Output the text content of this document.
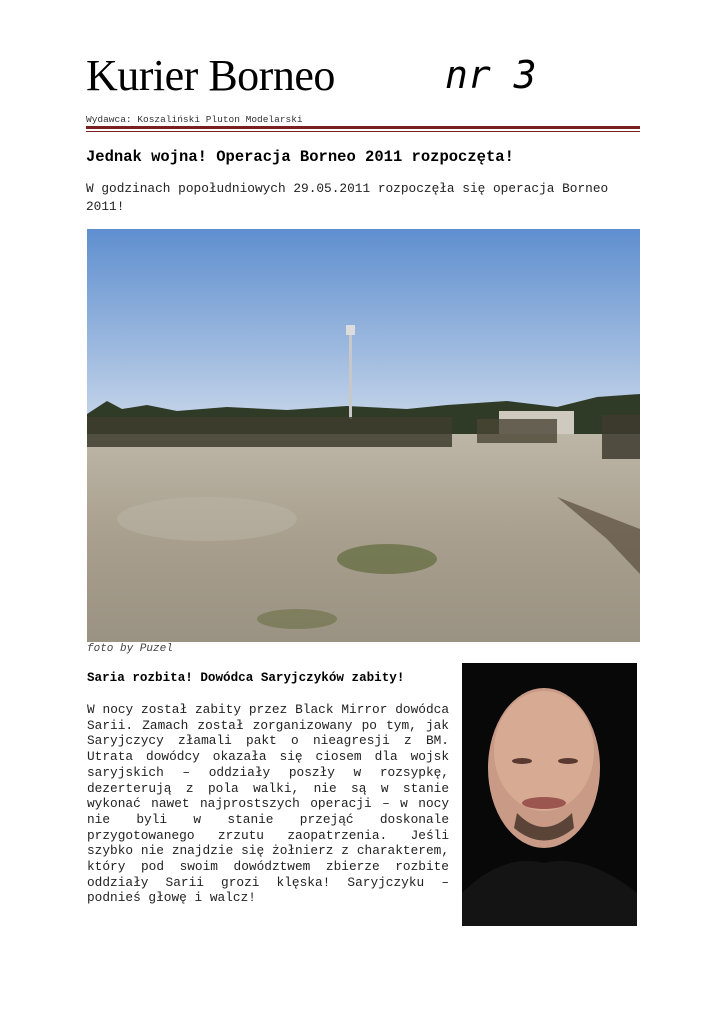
Kurier Borneo	nr 3
Wydawca: Koszaliński Pluton Modelarski
Jednak wojna! Operacja Borneo 2011 rozpoczęta!
W godzinach popołudniowych 29.05.2011 rozpoczęła się operacja Borneo 2011!
foto by Puzel
Saria rozbita! Dowódca Saryjczyków zabity!
W nocy został zabity przez Black Mirror dowódca Sarii. Zamach został zorganizowany po tym, jak Saryjczycy złamali pakt o nieagresji z BM. Utrata dowódcy okazała się ciosem dla wojsk saryjskich – oddziały poszły w rozsypkę, dezerterują z pola walki, nie są w stanie wykonać nawet najprostszych operacji – w nocy nie byli w stanie przejąć doskonale przygotowanego zrzutu zaopatrzenia. Jeśli szybko nie znajdzie się żołnierz z charakterem, który pod swoim dowództwem zbierze rozbite oddziały Sarii grozi klęska! Saryjczyku – podnieś głowę i walcz!
